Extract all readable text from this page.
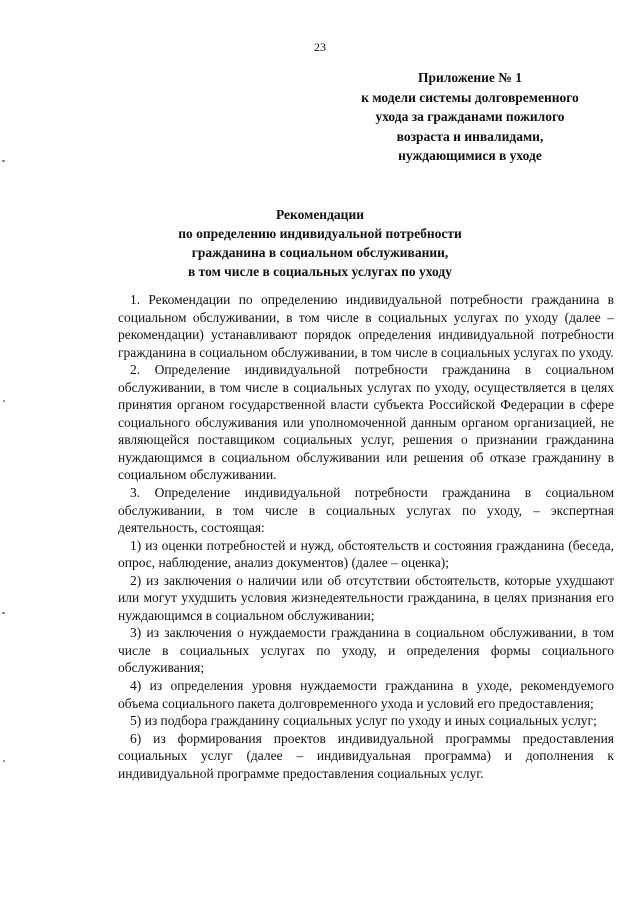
23
Приложение № 1
к модели системы долговременного
ухода за гражданами пожилого
возраста и инвалидами,
нуждающимися в уходе
Рекомендации
по определению индивидуальной потребности
гражданина в социальном обслуживании,
в том числе в социальных услугах по уходу

1. Рекомендации по определению индивидуальной потребности гражданина в социальном обслуживании, в том числе в социальных услугах по уходу (далее – рекомендации) устанавливают порядок определения индивидуальной потребности гражданина в социальном обслуживании, в том числе в социальных услугах по уходу.

2. Определение индивидуальной потребности гражданина в социальном обслуживании, в том числе в социальных услугах по уходу, осуществляется в целях принятия органом государственной власти субъекта Российской Федерации в сфере социального обслуживания или уполномоченной данным органом организацией, не являющейся поставщиком социальных услуг, решения о признании гражданина нуждающимся в социальном обслуживании или решения об отказе гражданину в социальном обслуживании.

3. Определение индивидуальной потребности гражданина в социальном обслуживании, в том числе в социальных услугах по уходу, – экспертная деятельность, состоящая:

1) из оценки потребностей и нужд, обстоятельств и состояния гражданина (беседа, опрос, наблюдение, анализ документов) (далее – оценка);

2) из заключения о наличии или об отсутствии обстоятельств, которые ухудшают или могут ухудшить условия жизнедеятельности гражданина, в целях признания его нуждающимся в социальном обслуживании;

3) из заключения о нуждаемости гражданина в социальном обслуживании, в том числе в социальных услугах по уходу, и определения формы социального обслуживания;

4) из определения уровня нуждаемости гражданина в уходе, рекомендуемого объема социального пакета долговременного ухода и условий его предоставления;

5) из подбора гражданину социальных услуг по уходу и иных социальных услуг;

6) из формирования проектов индивидуальной программы предоставления социальных услуг (далее – индивидуальная программа) и дополнения к индивидуальной программе предоставления социальных услуг.
